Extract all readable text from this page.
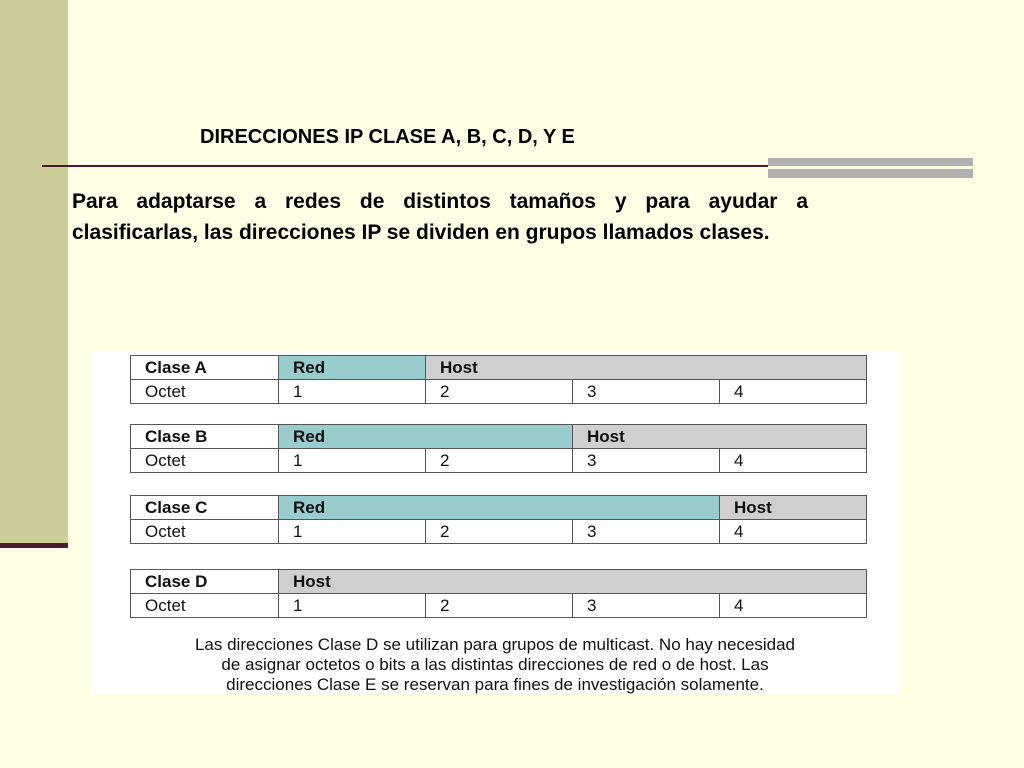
DIRECCIONES IP CLASE A, B, C, D, Y E

Para adaptarse a redes de distintos tamaños y para ayudar a clasificarlas, las direcciones IP se dividen en grupos llamados clases.

Clase A	Red	Host		
Octet	1	2	3	4
Clase B	Red		Host	
Octet	1	2	3	4
Clase C	Red			Host
Octet	1	2	3	4
Clase D	Host			
Octet	1	2	3	4

Las direcciones Clase D se utilizan para grupos de multicast. No hay necesidad
de asignar octetos o bits a las distintas direcciones de red o de host. Las
direcciones Clase E se reservan para fines de investigación solamente.
